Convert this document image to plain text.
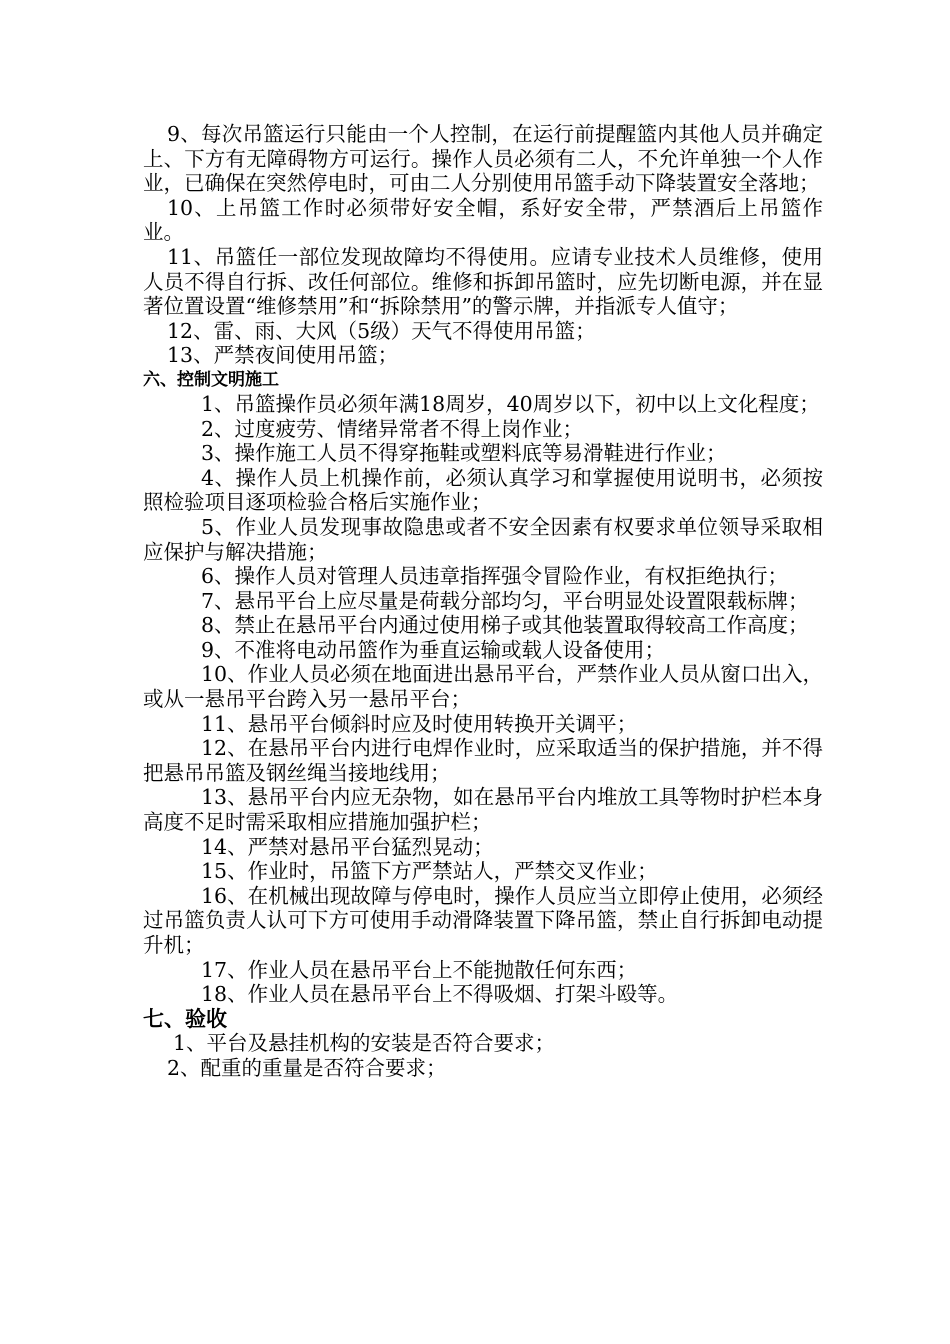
9、每次吊篮运行只能由一个人控制，在运行前提醒篮内其他人员并确定上、下方有无障碍物方可运行。操作人员必须有二人，不允许单独一个人作业，已确保在突然停电时，可由二人分别使用吊篮手动下降装置安全落地；

10、上吊篮工作时必须带好安全帽，系好安全带，严禁酒后上吊篮作业。

11、吊篮任一部位发现故障均不得使用。应请专业技术人员维修，使用人员不得自行拆、改任何部位。维修和拆卸吊篮时，应先切断电源，并在显著位置设置“维修禁用”和“拆除禁用”的警示牌，并指派专人值守；

12、雷、雨、大风（5级）天气不得使用吊篮；

13、严禁夜间使用吊篮；

六、控制文明施工

1、吊篮操作员必须年满18周岁，40周岁以下，初中以上文化程度；

2、过度疲劳、情绪异常者不得上岗作业；

3、操作施工人员不得穿拖鞋或塑料底等易滑鞋进行作业；

4、操作人员上机操作前，必须认真学习和掌握使用说明书，必须按照检验项目逐项检验合格后实施作业；

5、作业人员发现事故隐患或者不安全因素有权要求单位领导采取相应保护与解决措施；

6、操作人员对管理人员违章指挥强令冒险作业，有权拒绝执行；

7、悬吊平台上应尽量是荷载分部均匀，平台明显处设置限载标牌；

8、禁止在悬吊平台内通过使用梯子或其他装置取得较高工作高度；

9、不准将电动吊篮作为垂直运输或载人设备使用；

10、作业人员必须在地面进出悬吊平台，严禁作业人员从窗口出入，或从一悬吊平台跨入另一悬吊平台；

11、悬吊平台倾斜时应及时使用转换开关调平；

12、在悬吊平台内进行电焊作业时，应采取适当的保护措施，并不得把悬吊吊篮及钢丝绳当接地线用；

13、悬吊平台内应无杂物，如在悬吊平台内堆放工具等物时护栏本身高度不足时需采取相应措施加强护栏；

14、严禁对悬吊平台猛烈晃动；

15、作业时，吊篮下方严禁站人，严禁交叉作业；

16、在机械出现故障与停电时，操作人员应当立即停止使用，必须经过吊篮负责人认可下方可使用手动滑降装置下降吊篮，禁止自行拆卸电动提升机；

17、作业人员在悬吊平台上不能抛散任何东西；

18、作业人员在悬吊平台上不得吸烟、打架斗殴等。

七、验收

1、平台及悬挂机构的安装是否符合要求；

2、配重的重量是否符合要求；
